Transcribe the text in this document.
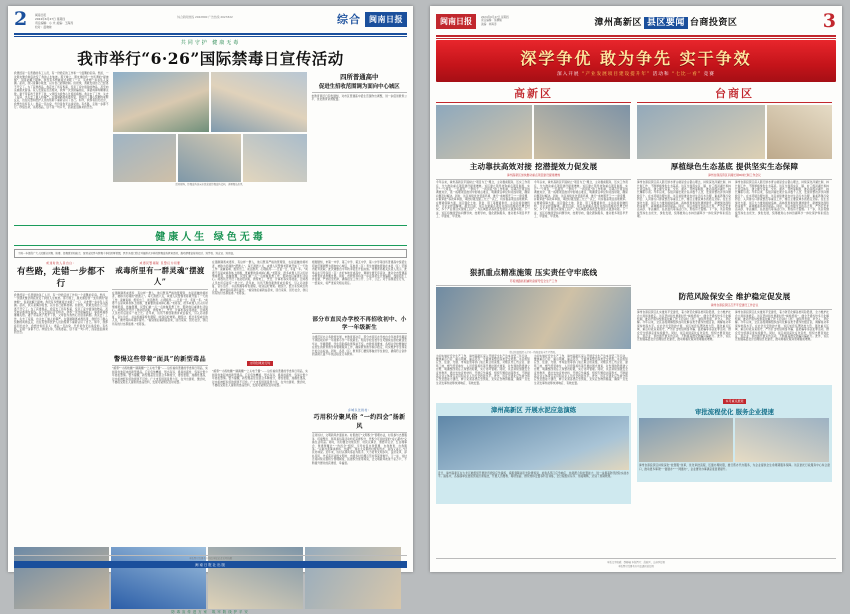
2	闽南日报
2024年6月27日 星期四
责任编辑：小 米 美编：王海涛
校对：温晓妹
综合新闻热线 2022800 广告热线 2023322	综合	闽南日报
共同守护 健康无毒
我市举行“6·26”国际禁毒日宣传活动
我曾经是一名普通的务工人员，有一份稳定的工作和一个温馨的家庭。然而，一次朋友聚会彻底改变了我的人生轨迹。那天晚上，朋友递给我一支所谓的“提神烟”，说是能解乏提神。我没有多想就接过来吸了一口，从此便一步步坠入深渊。起初，我只是偶尔吸食，以为自己能够控制。但很快，我就发现自己已经离不开它了。为了获得毒品，我花光了所有积蓄，变卖了家中值钱的物品，甚至向亲戚朋友借钱。家人发现后苦苦相劝，我却一次次欺骗他们，承诺戒掉却屡屡失败。妻子带着孩子离开了我，父母因为我伤心过度而病倒。我失去了工作，失去了家庭，也失去了做人的尊严。在强制隔离戒毒所里，我经历了撕心裂肺的戒断反应，也在民警和医护人员的帮助下重新认识了自己。如今，我即将回归社会，我想告诉所有人：毒品一旦沾染，代价是你无法承受的。有些路，走错一步都不行。珍惜生命，远离毒品，这不是一句口号，而是血泪换来的忠告。
活动现场，禁毒宣传员向市民发放禁毒宣传资料，讲解毒品危害。
四所普通高中
促进生招收范围调为面向中心城区
市教育局近日印发通知，对市区普通高中招生范围作出调整，进一步促进教育公平、优化教育资源配置。
健康人生 绿色无毒
为进一步提高广大人民群众识毒、防毒、拒毒意识和能力，营造全民参与禁毒斗争的浓厚氛围，我市多部门联合开展形式多样的禁毒宣传教育活动，推动禁毒宣传进社区、进学校、进企业、进家庭。
或迷时的人是自白：
有些路，走错一步都不行
我曾经是一名普通的务工人员，有一份稳定的工作和一个温馨的家庭。然而，一次朋友聚会彻底改变了我的人生轨迹。那天晚上，朋友递给我一支所谓的“提神烟”，说是能解乏提神。我没有多想就接过来吸了一口，从此便一步步坠入深渊。起初，我只是偶尔吸食，以为自己能够控制。但很快，我就发现自己已经离不开它了。为了获得毒品，我花光了所有积蓄，变卖了家中值钱的物品，甚至向亲戚朋友借钱。家人发现后苦苦相劝，我却一次次欺骗他们，承诺戒掉却屡屡失败。妻子带着孩子离开了我，父母因为我伤心过度而病倒。我失去了工作，失去了家庭，也失去了做人的尊严。在强制隔离戒毒所里，我经历了撕心裂肺的戒断反应，也在民警和医护人员的帮助下重新认识了自己。如今，我即将回归社会，我想告诉所有人：毒品一旦沾染，代价是你无法承受的。有些路，走错一步都不行。珍惜生命，远离毒品，这不是一句口号，而是血泪换来的忠告。
戒毒民警揭秘 民警们为何要
戒毒所里有一群灵魂“摆渡人”
在强制隔离戒毒所，有这样一群人，他们既是严格的管理者，也是温暖的倾听者，被称为灵魂的“摆渡人”。每天清晨六点，戒毒人民警察老陈就开始了一天的工作：查铺查哨、组织出工、谈话教育、心理疏导……日复一日，年复一年。“戒毒不仅是戒掉身体上的瘾，更重要的是戒掉心瘾。”老陈说，很多戒毒人员入所时情绪低落、抵触管理，民警们就一点一点地做思想工作，帮助他们重建生活信心。戒毒所还开设了技能培训班，教授电工、烹饪、计算机等实用技能，让戒毒人员出所后能有一技之长。近年来，该所不断创新教育戒治模式，引入运动康复、音乐治疗、书法绘画等特色课程，收到良好效果。据统计，经过系统戒治的人员，操守保持率逐年提升。“看到他们重新站起来，回归家庭、回归社会，我们所有的付出都值得。”老陈说。
警惕这些带着“面具”的新型毒品
“邮票”“小熊软糖”“跳跳糖”“上头电子烟”……这些看似普通的零食和日用品，实则是伪装起来的新型毒品。它们包装精美、形态各异，极具迷惑性，容易让青少年放松警惕。警方提醒，新型毒品往往混合多种成分，毒性更强、成瘾性更高，对中枢神经系统的损害不可逆。广大市民特别是青少年，在外出游玩、聚会时，不要接受陌生人提供的食品饮料，发现可疑情况及时报警。
在强制隔离戒毒所，有这样一群人，他们既是严格的管理者，也是温暖的倾听者，被称为灵魂的“摆渡人”。每天清晨六点，戒毒人民警察老陈就开始了一天的工作：查铺查哨、组织出工、谈话教育、心理疏导……日复一日，年复一年。“戒毒不仅是戒掉身体上的瘾，更重要的是戒掉心瘾。”老陈说，很多戒毒人员入所时情绪低落、抵触管理，民警们就一点一点地做思想工作，帮助他们重建生活信心。戒毒所还开设了技能培训班，教授电工、烹饪、计算机等实用技能，让戒毒人员出所后能有一技之长。近年来，该所不断创新教育戒治模式，引入运动康复、音乐治疗、书法绘画等特色课程，收到良好效果。据统计，经过系统戒治的人员，操守保持率逐年提升。“看到他们重新站起来，回归家庭、回归社会，我们所有的付出都值得。”老陈说。
文明创建进行时
“邮票”“小熊软糖”“跳跳糖”“上头电子烟”……这些看似普通的零食和日用品，实则是伪装起来的新型毒品。它们包装精美、形态各异，极具迷惑性，容易让青少年放松警惕。警方提醒，新型毒品往往混合多种成分，毒性更强、成瘾性更高，对中枢神经系统的损害不可逆。广大市民特别是青少年，在外出游玩、聚会时，不要接受陌生人提供的食品饮料，发现可疑情况及时报警。
根据通知，市第一中学、第三中学、第五中学、第八中学等四所普通高中统招生招收范围调整为面向中心城区，其他县（区）考生按属地原则在本县（区）范围内报考录取。此次调整自今年秋季招生开始实施。市教育局相关负责人表示，此举旨在引导各县（区）办好本地优质高中，遏制生源无序流动，推动全市普通高中教育优质均衡发展。同时，市教育局将进一步完善招生计划编制，加强招生工作监督，严肃招生纪律，确保招生工作公开、公平、公正。对于违规招生行为，一经查实，将严肃追究相关责任。
部分市直民办学校不再招收初中、小学一年级新生
为规范民办义务教育发展，市教育局决定，部分市直民办学校自今年秋季学期起不再招收初中一年级和小学一年级新生。相关学校在校学生可继续在原校就读至毕业，学籍管理、学生资助等政策保持不变。市教育局要求，各相关学校要做好在校生的教育教学和管理服务工作，确保教育教学秩序稳定，切实维护学生和家长的合法权益。同时，各县（区）教育部门要统筹做好学位供给，确保符合条件的适龄儿童少年依法接受义务教育。
乡城以过则村：
巧用积分聚风俗 “一约四会”扬新风
走进该村，文明新风扑面而来。村里推行“文明积分”管理办法，村民参与志愿服务、环境整治、移风易俗等活动均可获得积分，凭积分可到村里的“爱心超市”兑换生活用品。同时，该村健全村规民约、村民议事会、道德评议会、红白理事会、禁毒禁赌会“一约四会”组织，引导村民自我管理、自我教育、自我服务。“以前办喜事讲排场、比阔气，现在大家都按村规民约办，省钱又省心。”村民老林说。近年来，该村以移风易俗为抓手，大力培育文明乡风、良好家风、淳朴民风，先后获评省级文明村、市级乡村治理示范村等荣誉称号。下一步，该村还将持续完善积分管理制度，拓展积分使用场景，让文明新风吹进千家万户，不断提升群众的获得感、幸福感。
防毒宣传进万家 筑牢防线护平安
本版图片除署名外均由本报记者采写拍摄
闽南日报社出版
闽南日报	2024年6月27日 星期四
责任编辑：蔡柳楠
美编：林海涛	漳州高新区 县区要闻 台商投资区	3
深学争优 敢为争先 实干争效
深入开展 “产业发展项目建设提升年” 活动和 “七比一看” 竞赛
高新区
主动靠扶高效对接 挖潜提效力促发展
漳州高新区加快推动重点项目建设提速增效
今年以来，漳州高新区牢固树立“项目为王”理念，主动靠前服务，压实工作责任，全力推动重点项目建设提速增效。该区建立领导挂钩重点项目制度，实行“一个项目、一名领导、一套班子、一抓到底”的工作机制，定期召开项目协调推进会，逐一梳理项目推进中的堵点难点，明确责任单位和完成时限，确保问题及时解决。同时，该区持续优化营商环境，推行“拿地即开工”“一窗受理、并联审批”等改革举措，审批时限压缩三分之一以上，切实提高项目落地效率。在要素保障方面，该区强化土地、资金、用工等要素供给，主动对接金融机构，为企业纾困解难。截至目前，该区在建重点项目完成投资额同比增长较快，多个产业项目实现竣工投产，为区域经济高质量发展注入强劲动能。下一步，该区将继续坚持问题导向、结果导向，强化跟踪服务，推动更多项目早开工、早建成、早见效。
今年以来，漳州高新区牢固树立“项目为王”理念，主动靠前服务，压实工作责任，全力推动重点项目建设提速增效。该区建立领导挂钩重点项目制度，实行“一个项目、一名领导、一套班子、一抓到底”的工作机制，定期召开项目协调推进会，逐一梳理项目推进中的堵点难点，明确责任单位和完成时限，确保问题及时解决。同时，该区持续优化营商环境，推行“拿地即开工”“一窗受理、并联审批”等改革举措，审批时限压缩三分之一以上，切实提高项目落地效率。在要素保障方面，该区强化土地、资金、用工等要素供给，主动对接金融机构，为企业纾困解难。截至目前，该区在建重点项目完成投资额同比增长较快，多个产业项目实现竣工投产，为区域经济高质量发展注入强劲动能。下一步，该区将继续坚持问题导向、结果导向，强化跟踪服务，推动更多项目早开工、早建成、早见效。
狠抓重点精准施策 压实责任守牢底线
苏希道路抓抓铺防备督导安全生产工作
联合检查组深入企业一线检查安全生产情况。
为切实做好安全生产工作，漳州高新区深入开展安全生产治本攻坚三年行动，聚焦重点行业、重点领域、重点环节，全面排查整治各类安全隐患。该区组织应急、住建、交通、市场监管等部门成立联合检查组，对辖区内工贸企业、建筑工地、燃气经营单位、人员密集场所等开展拉网式排查，对发现的隐患建立台账、明确整改责任人和整改时限，实行闭环管理。同时，该区持续加强安全宣传教育，通过发放宣传材料、开展应急演练、组织专题培训等形式，不断提高企业主体责任意识和从业人员安全技能水平。此外，该区还强化应急值守和应急处置能力建设，修订完善各类应急预案，充实应急物资储备，确保一旦发生突发事件能够快速响应、有效处置。
为切实做好安全生产工作，漳州高新区深入开展安全生产治本攻坚三年行动，聚焦重点行业、重点领域、重点环节，全面排查整治各类安全隐患。该区组织应急、住建、交通、市场监管等部门成立联合检查组，对辖区内工贸企业、建筑工地、燃气经营单位、人员密集场所等开展拉网式排查，对发现的隐患建立台账、明确整改责任人和整改时限，实行闭环管理。同时，该区持续加强安全宣传教育，通过发放宣传材料、开展应急演练、组织专题培训等形式，不断提高企业主体责任意识和从业人员安全技能水平。此外，该区还强化应急值守和应急处置能力建设，修订完善各类应急预案，充实应急物资储备，确保一旦发生突发事件能够快速响应、有效处置。
漳州高新区 开展水泥应急演练
近日，漳州高新区在九龙江畔组织开展防汛抢险应急演练，模拟强降雨引发险情场景，检验各部门应急响应、协同配合和处置能力，进一步提高防汛抢险实战水平。演练中，各参演单位按照预案迅速集结，开展人员搜救、堤坝加固、群众转移安置等科目训练，全过程组织有序、衔接顺畅，达到了预期效果。
台商区
厚植绿色生态基底 提供坚实生态保障
漳州台商投资区河湖长制llI林长制工作会议
漳州台商投资区深入践行绿水青山就是金山银山理念，持续深化河湖长制、林长制工作，不断厚植绿色生态基底。该区全面落实区、镇、村三级河湖长和林长责任体系，建立健全巡查、交办、督办、考核等制度，推动各级河湖长、林长履职尽责。今年以来，各级河湖长累计巡河数千人次，发现并整改涉水问题数百个。在水环境治理方面，该区持续推进农村生活污水治理、畜禽养殖污染防治、入河排污口排查整治等重点工作，辖区主要流域水质稳定达标。在生态绿化方面，该区大力推进植树造林、森林抚育和绿色通道建设，新增绿化面积稳步提升，森林覆盖率持续提高。同时，该区加强生态执法力度，严厉打击非法采砂、非法捕捞、乱砍滥伐等违法行为，形成有力震慑。下一步，该区将继续坚持生态优先、绿色发展，统筹推进山水林田湖草沙一体化保护和系统治理。
漳州台商投资区深入践行绿水青山就是金山银山理念，持续深化河湖长制、林长制工作，不断厚植绿色生态基底。该区全面落实区、镇、村三级河湖长和林长责任体系，建立健全巡查、交办、督办、考核等制度，推动各级河湖长、林长履职尽责。今年以来，各级河湖长累计巡河数千人次，发现并整改涉水问题数百个。在水环境治理方面，该区持续推进农村生活污水治理、畜禽养殖污染防治、入河排污口排查整治等重点工作，辖区主要流域水质稳定达标。在生态绿化方面，该区大力推进植树造林、森林抚育和绿色通道建设，新增绿化面积稳步提升，森林覆盖率持续提高。同时，该区加强生态执法力度，严厉打击非法采砂、非法捕捞、乱砍滥伐等违法行为，形成有力震慑。下一步，该区将继续坚持生态优先、绿色发展，统筹推进山水林田湖草沙一体化保护和系统治理。
防范风险保安全 维护稳定促发展
漳州台商投资区召开平安建设工作会议
漳州台商投资区扎实推进平安建设，着力防范化解各类风险隐患，全力维护社会大局和谐稳定。该区坚持和发展新时代“枫桥经验”，健全矛盾纠纷多元化解机制，推动矛盾纠纷排查化解工作下沉到村（居），做到早发现、早介入、早化解。今年以来，全区各级调解组织成功化解各类矛盾纠纷数百起，调解成功率保持较高水平。在社会治安防控方面，该区加密巡逻防控力量，强化重点区域、重点时段巡查值守，严厉打击电信网络诈骗、盗抢骗等违法犯罪活动，群众安全感满意度持续提升。同时，该区持续深化反诈宣传，组织志愿者进社区、进企业、进校园开展宣传活动，不断提高群众防骗识骗能力。此外，该区还加强基层社会治理信息化建设，推动网格化服务管理提质增效。
漳州台商投资区扎实推进平安建设，着力防范化解各类风险隐患，全力维护社会大局和谐稳定。该区坚持和发展新时代“枫桥经验”，健全矛盾纠纷多元化解机制，推动矛盾纠纷排查化解工作下沉到村（居），做到早发现、早介入、早化解。今年以来，全区各级调解组织成功化解各类矛盾纠纷数百起，调解成功率保持较高水平。在社会治安防控方面，该区加密巡逻防控力量，强化重点区域、重点时段巡查值守，严厉打击电信网络诈骗、盗抢骗等违法犯罪活动，群众安全感满意度持续提升。同时，该区持续深化反诈宣传，组织志愿者进社区、进企业、进校园开展宣传活动，不断提高群众防骗识骗能力。此外，该区还加强基层社会治理信息化建设，推动网格化服务管理提质增效。
本月重点推进
审批流程优化 服务企业提速
漳州台商投资区持续深化“放管服”改革，优化审批流程，压缩办理时限，推行帮办代办服务，为企业提供全生命周期服务保障。该区依托行政服务中心综合窗口，推动更多事项“一窗通办”“一网通办”，企业群众办事满意度显著提升。
本版文字统稿：蔡柳楠 本版图片：高新区、台商区提供
本版图片除署名外均由通讯员提供
